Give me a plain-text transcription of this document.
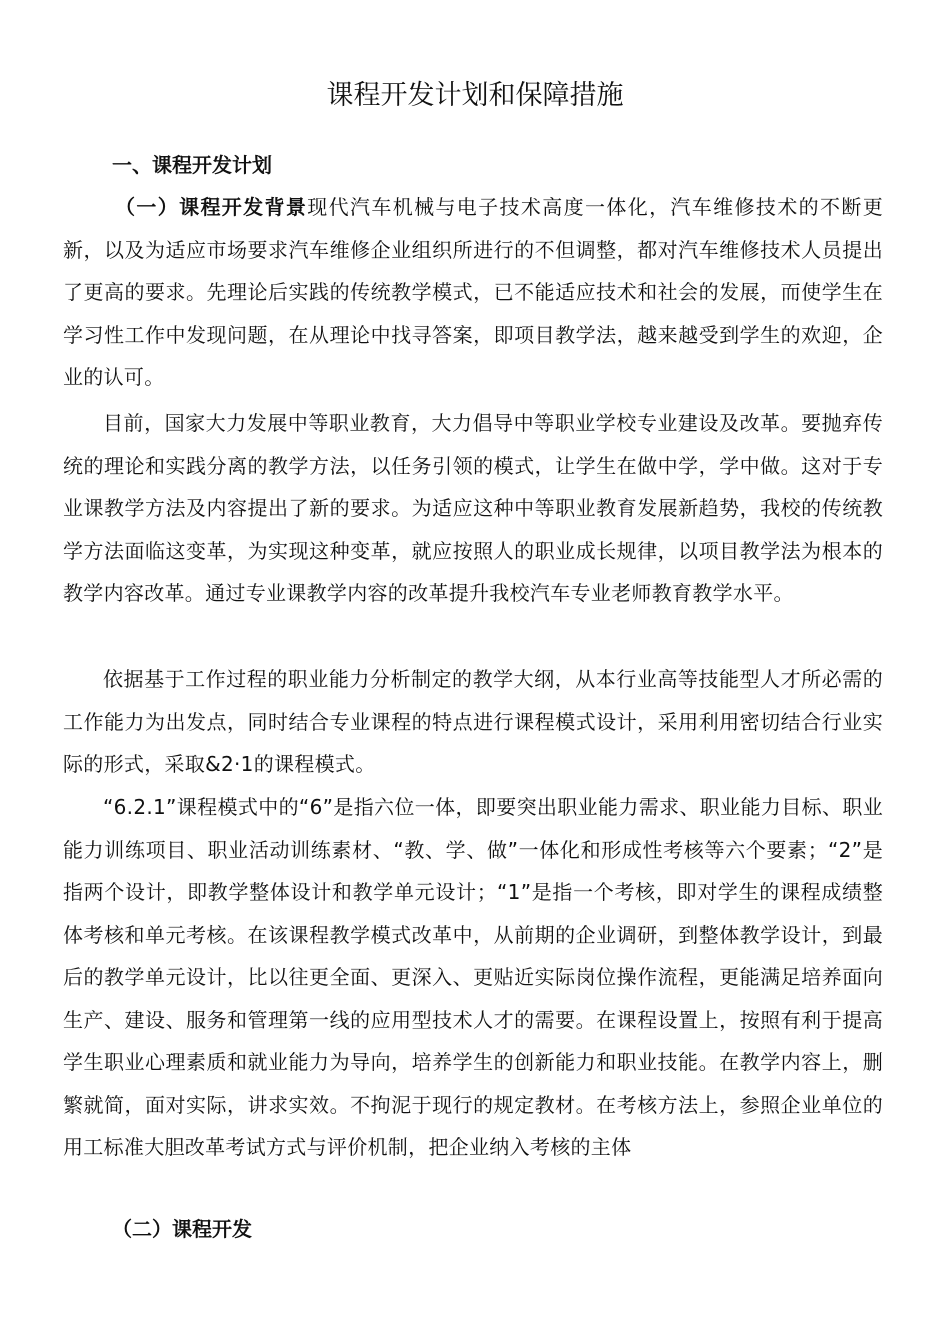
课程开发计划和保障措施
一、课程开发计划

（一）课程开发背景现代汽车机械与电子技术高度一体化，汽车维修技术的不断更新，以及为适应市场要求汽车维修企业组织所进行的不但调整，都对汽车维修技术人员提出了更高的要求。先理论后实践的传统教学模式，已不能适应技术和社会的发展，而使学生在学习性工作中发现问题，在从理论中找寻答案，即项目教学法，越来越受到学生的欢迎，企业的认可。

目前，国家大力发展中等职业教育，大力倡导中等职业学校专业建设及改革。要抛弃传统的理论和实践分离的教学方法，以任务引领的模式，让学生在做中学，学中做。这对于专业课教学方法及内容提出了新的要求。为适应这种中等职业教育发展新趋势，我校的传统教学方法面临这变革，为实现这种变革，就应按照人的职业成长规律，以项目教学法为根本的教学内容改革。通过专业课教学内容的改革提升我校汽车专业老师教育教学水平。

依据基于工作过程的职业能力分析制定的教学大纲，从本行业高等技能型人才所必需的工作能力为出发点，同时结合专业课程的特点进行课程模式设计，采用利用密切结合行业实际的形式，采取&2·1的课程模式。

“6.2.1”课程模式中的“6”是指六位一体，即要突出职业能力需求、职业能力目标、职业能力训练项目、职业活动训练素材、“教、学、做”一体化和形成性考核等六个要素；“2”是指两个设计，即教学整体设计和教学单元设计；“1”是指一个考核，即对学生的课程成绩整体考核和单元考核。在该课程教学模式改革中，从前期的企业调研，到整体教学设计，到最后的教学单元设计，比以往更全面、更深入、更贴近实际岗位操作流程，更能满足培养面向生产、建设、服务和管理第一线的应用型技术人才的需要。在课程设置上，按照有利于提高学生职业心理素质和就业能力为导向，培养学生的创新能力和职业技能。在教学内容上，删繁就简，面对实际，讲求实效。不拘泥于现行的规定教材。在考核方法上，参照企业单位的用工标准大胆改革考试方式与评价机制，把企业纳入考核的主体

（二）课程开发
